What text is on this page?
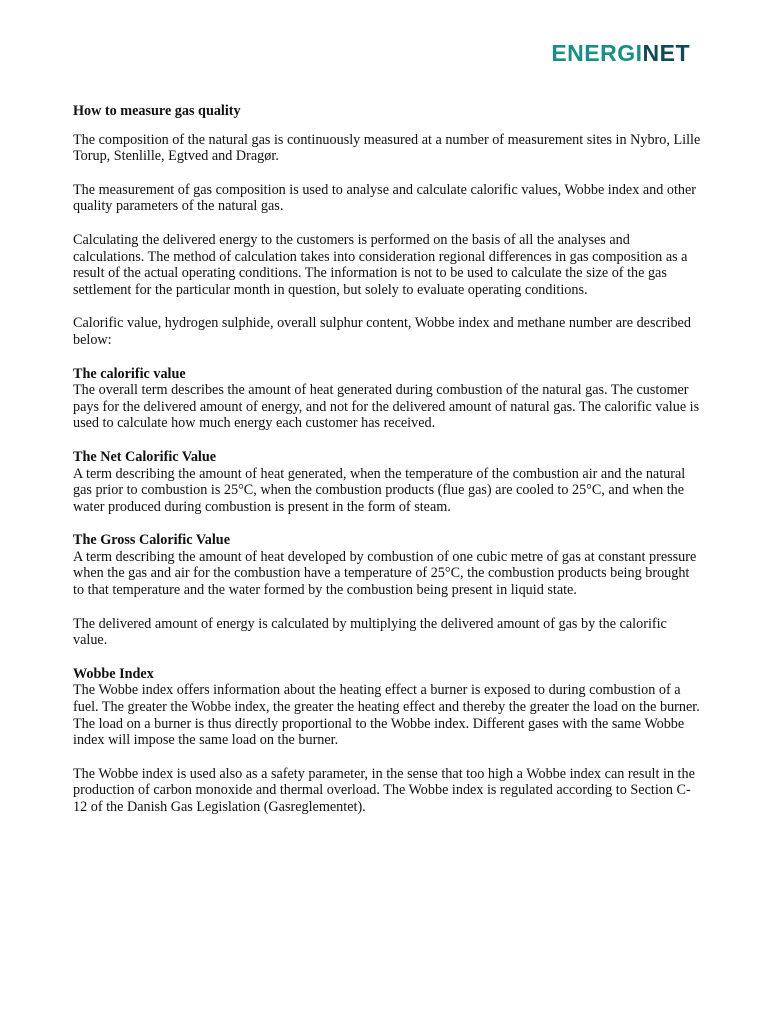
ENERGINET
How to measure gas quality

The composition of the natural gas is continuously measured at a number of measurement sites in Nybro, Lille Torup, Stenlille, Egtved and Dragør.

The measurement of gas composition is used to analyse and calculate calorific values, Wobbe index and other quality parameters of the natural gas.

Calculating the delivered energy to the customers is performed on the basis of all the analyses and calculations. The method of calculation takes into consideration regional differences in gas composition as a result of the actual operating conditions. The information is not to be used to calculate the size of the gas settlement for the particular month in question, but solely to evaluate operating conditions.

Calorific value, hydrogen sulphide, overall sulphur content, Wobbe index and methane number are described below:

The calorific value
The overall term describes the amount of heat generated during combustion of the natural gas. The customer pays for the delivered amount of energy, and not for the delivered amount of natural gas. The calorific value is used to calculate how much energy each customer has received.
The Net Calorific Value
A term describing the amount of heat generated, when the temperature of the combustion air and the natural gas prior to combustion is 25°C, when the combustion products (flue gas) are cooled to 25°C, and when the water produced during combustion is present in the form of steam.
The Gross Calorific Value
A term describing the amount of heat developed by combustion of one cubic metre of gas at constant pressure when the gas and air for the combustion have a temperature of 25°C, the combustion products being brought to that temperature and the water formed by the combustion being present in liquid state.

The delivered amount of energy is calculated by multiplying the delivered amount of gas by the calorific value.

Wobbe Index
The Wobbe index offers information about the heating effect a burner is exposed to during combustion of a fuel. The greater the Wobbe index, the greater the heating effect and thereby the greater the load on the burner. The load on a burner is thus directly proportional to the Wobbe index. Different gases with the same Wobbe index will impose the same load on the burner.

The Wobbe index is used also as a safety parameter, in the sense that too high a Wobbe index can result in the production of carbon monoxide and thermal overload. The Wobbe index is regulated according to Section C-12 of the Danish Gas Legislation (Gasreglementet).
